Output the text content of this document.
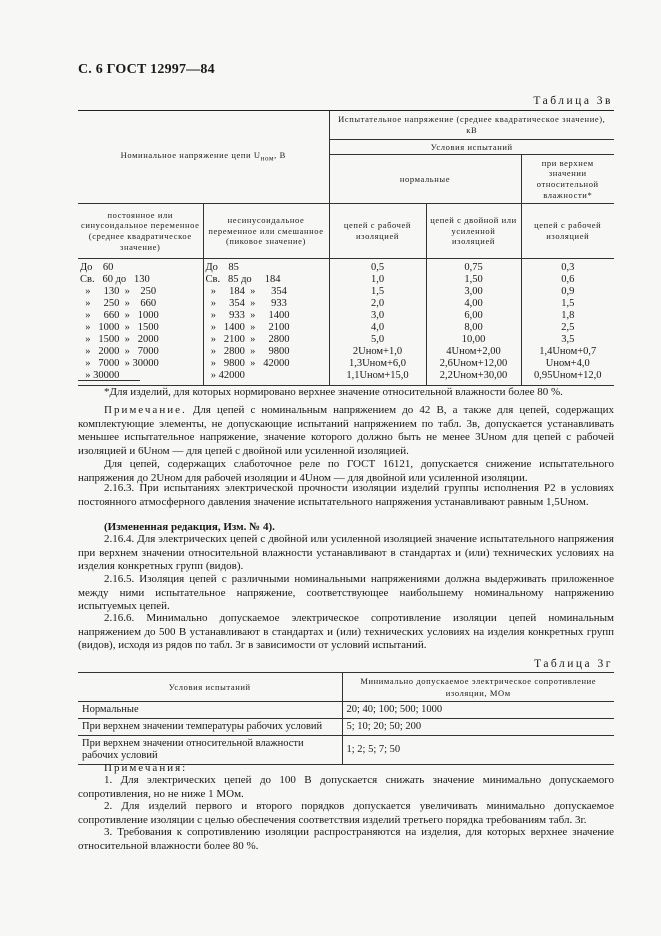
С. 6 ГОСТ 12997—84
Таблица 3в
Номинальное напряжение цепи $U_{ном}$, В		Испытательное напряжение (среднее квадратическое значение), кВ		
		Условия испытаний		
		нормальные		при верхнем значении относительной влажности*
постоянное или синусоидальное переменное (среднее квадратическое значение)	несинусоидальное переменное или смешанное (пиковое значение)	цепей с рабочей изоляцией	цепей с двойной или усиленной изоляцией	цепей с рабочей изоляцией
До    60	До    85	0,5	0,75	0,3
Св.   60 до   130	Св.   85 до     184	1,0	1,50	0,6
»     130  »    250	»     184  »      354	1,5	3,00	0,9
»     250  »    660	»     354  »      933	2,0	4,00	1,5
»     660  »   1000	»     933  »     1400	3,0	6,00	1,8
»   1000  »   1500	»   1400  »     2100	4,0	8,00	2,5
»   1500  »   2000	»   2100  »     2800	5,0	10,00	3,5
»   2000  »   7000	»   2800  »     9800	2Uном+1,0	4Uном+2,00	1,4Uном+0,7
»   7000  » 30000	»   9800  »   42000	1,3Uном+6,0	2,6Uном+12,00	Uном+4,0
» 30000	» 42000	1,1Uном+15,0	2,2Uном+30,00	0,95Uном+12,0
*Для изделий, для которых нормировано верхнее значение относительной влажности более 80 %.
Примечание. Для цепей с номинальным напряжением до 42 В, а также для цепей, содержащих комплектующие элементы, не допускающие испытаний напряжением по табл. 3в, допускается устанавливать меньшее испытательное напряжение, значение которого должно быть не менее 3Uном для цепей с рабочей изоляцией и 6Uном — для цепей с двойной или усиленной изоляцией.
Для цепей, содержащих слаботочное реле по ГОСТ 16121, допускается снижение испытательного напряжения до 2Uном для рабочей изоляции и 4Uном — для двойной или усиленной изоляции.
2.16.3. При испытаниях электрической прочности изоляции изделий группы исполнения Р2 в условиях постоянного атмосферного давления значение испытательного напряжения устанавливают равным 1,5Uном.
(Измененная редакция, Изм. № 4).
2.16.4. Для электрических цепей с двойной или усиленной изоляцией значение испытательного напряжения при верхнем значении относительной влажности устанавливают в стандартах и (или) технических условиях на изделия конкретных групп (видов).
2.16.5. Изоляция цепей с различными номинальными напряжениями должна выдерживать приложенное между ними испытательное напряжение, соответствующее наибольшему номинальному напряжению испытуемых цепей.
2.16.6. Минимально допускаемое электрическое сопротивление изоляции цепей номинальным напряжением до 500 В устанавливают в стандартах и (или) технических условиях на изделия конкретных групп (видов), исходя из рядов по табл. 3г в зависимости от условий испытаний.
Таблица 3г
Условия испытаний	Минимально допускаемое электрическое сопротивление изоляции, МОм
Нормальные	20; 40; 100; 500; 1000
При верхнем значении температуры рабочих условий	5; 10; 20; 50; 200
При верхнем значении относительной влажности рабочих условий	1; 2; 5; 7; 50
Примечания:
1. Для электрических цепей до 100 В допускается снижать значение минимально допускаемого сопротивления, но не ниже 1 МОм.
2. Для изделий первого и второго порядков допускается увеличивать минимально допускаемое сопротивление изоляции с целью обеспечения соответствия изделий третьего порядка требованиям табл. 3г.
3. Требования к сопротивлению изоляции распространяются на изделия, для которых верхнее значение относительной влажности более 80 %.
